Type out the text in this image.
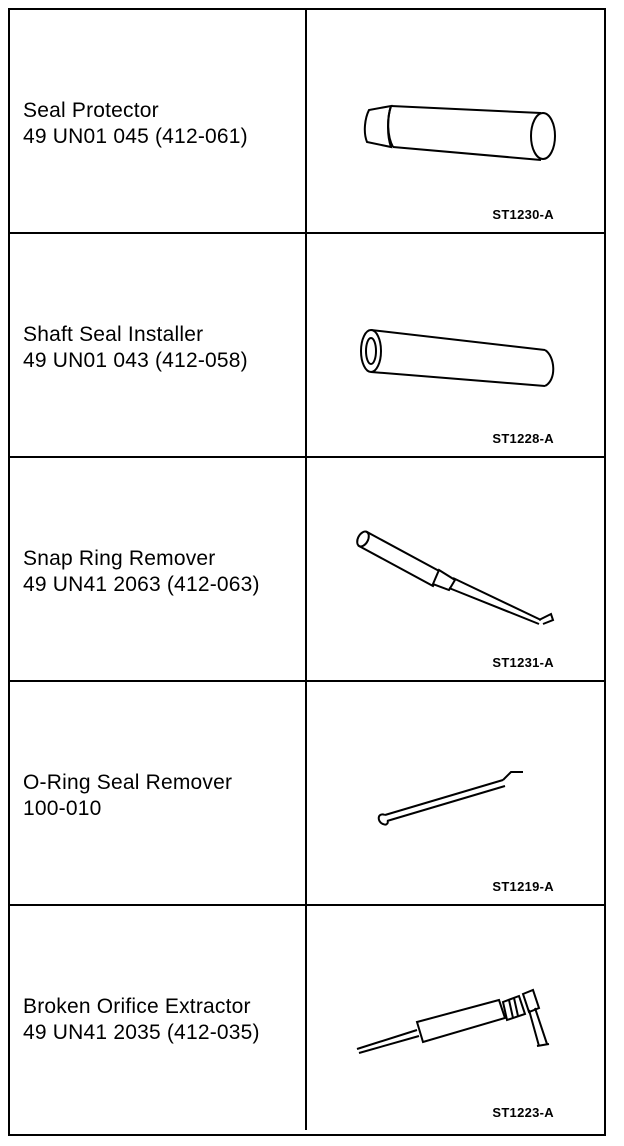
Seal Protector
49 UN01 045 (412-061)
ST1230-A
Shaft Seal Installer
49 UN01 043 (412-058)
ST1228-A
Snap Ring Remover
49 UN41 2063 (412-063)
ST1231-A
O-Ring Seal Remover
100-010
ST1219-A
Broken Orifice Extractor
49 UN41 2035 (412-035)
ST1223-A
